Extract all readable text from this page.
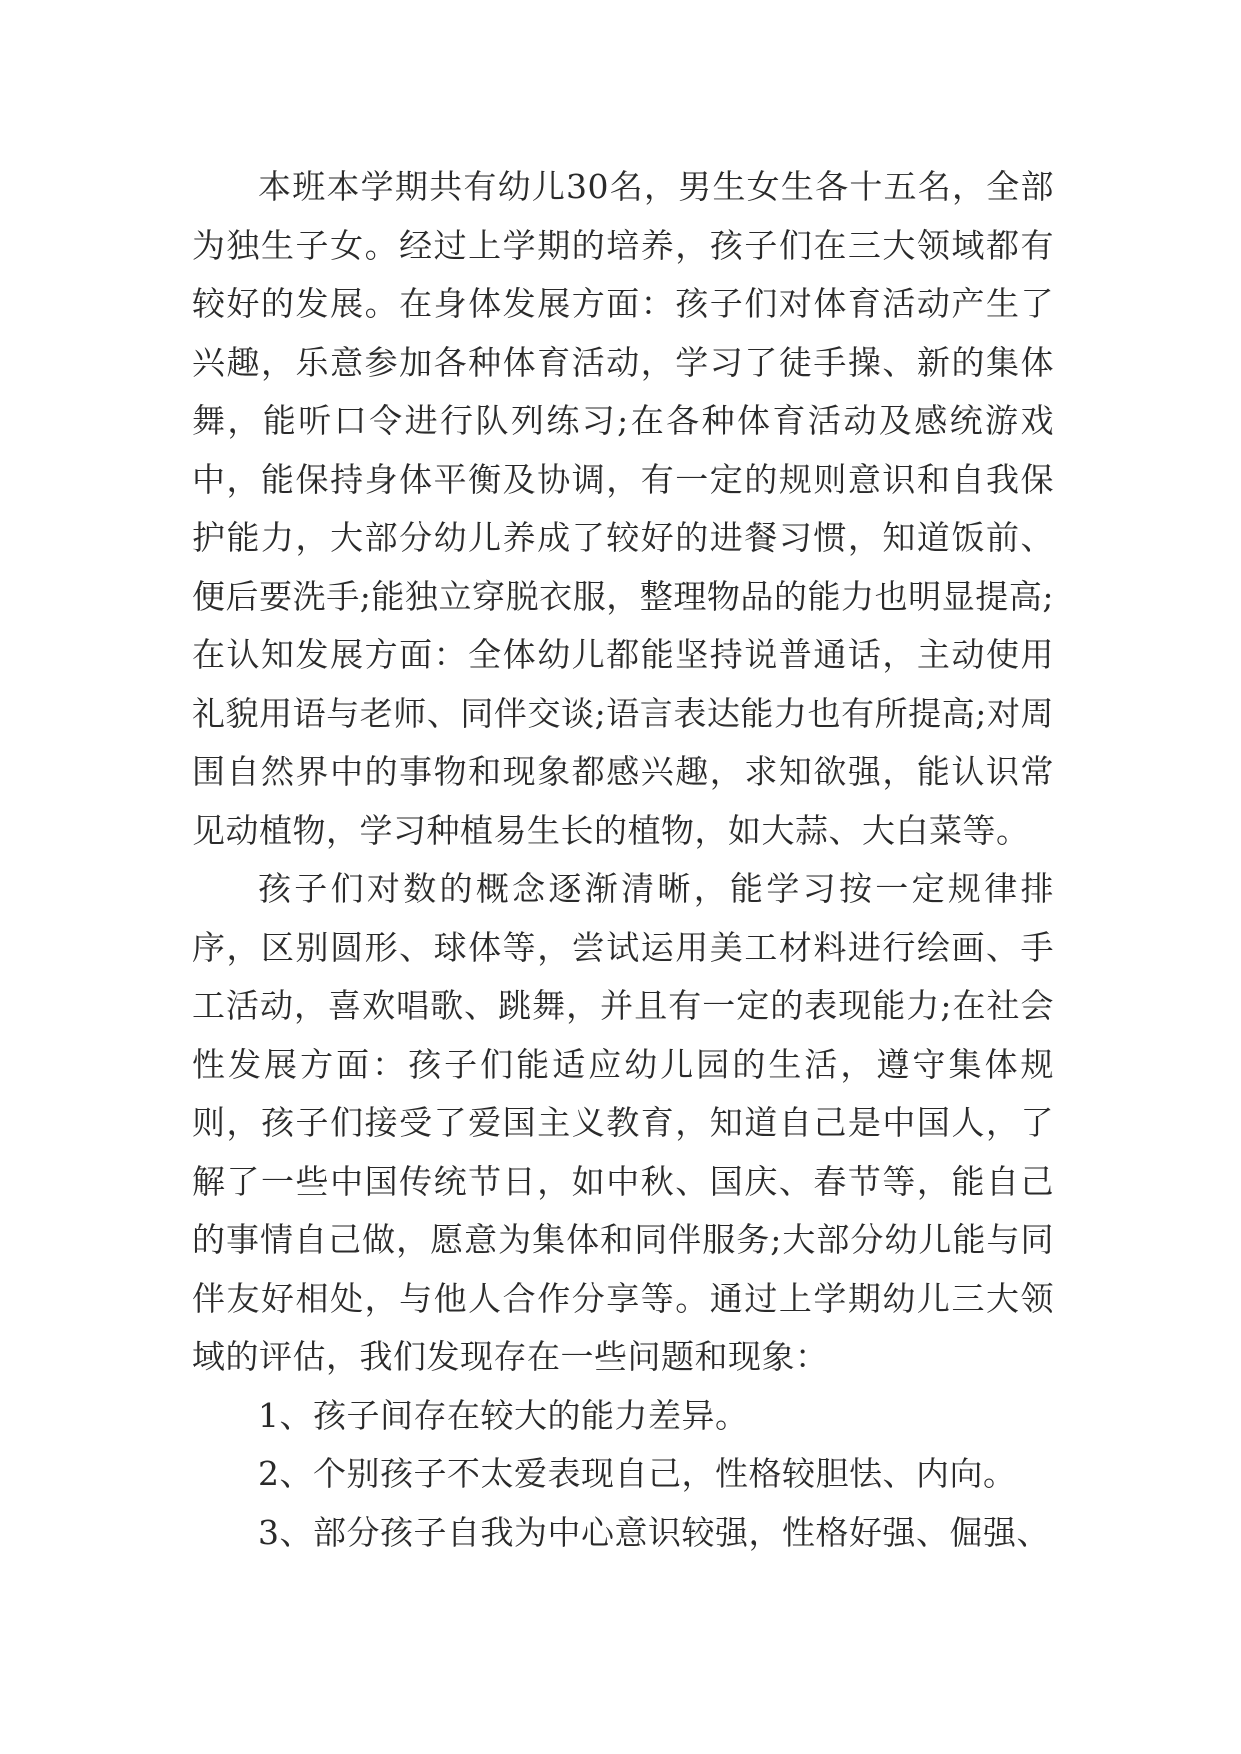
本班本学期共有幼儿30名，男生女生各十五名，全部为独生子女。经过上学期的培养，孩子们在三大领域都有较好的发展。在身体发展方面：孩子们对体育活动产生了兴趣，乐意参加各种体育活动，学习了徒手操、新的集体舞，能听口令进行队列练习;在各种体育活动及感统游戏中，能保持身体平衡及协调，有一定的规则意识和自我保护能力，大部分幼儿养成了较好的进餐习惯，知道饭前、便后要洗手;能独立穿脱衣服，整理物品的能力也明显提高;在认知发展方面：全体幼儿都能坚持说普通话，主动使用礼貌用语与老师、同伴交谈;语言表达能力也有所提高;对周围自然界中的事物和现象都感兴趣，求知欲强，能认识常见动植物，学习种植易生长的植物，如大蒜、大白菜等。

孩子们对数的概念逐渐清晰，能学习按一定规律排序，区别圆形、球体等，尝试运用美工材料进行绘画、手工活动，喜欢唱歌、跳舞，并且有一定的表现能力;在社会性发展方面：孩子们能适应幼儿园的生活，遵守集体规则，孩子们接受了爱国主义教育，知道自己是中国人，了解了一些中国传统节日，如中秋、国庆、春节等，能自己的事情自己做，愿意为集体和同伴服务;大部分幼儿能与同伴友好相处，与他人合作分享等。通过上学期幼儿三大领域的评估，我们发现存在一些问题和现象：

1、孩子间存在较大的能力差异。

2、个别孩子不太爱表现自己，性格较胆怯、内向。

3、部分孩子自我为中心意识较强，性格好强、倔强、
